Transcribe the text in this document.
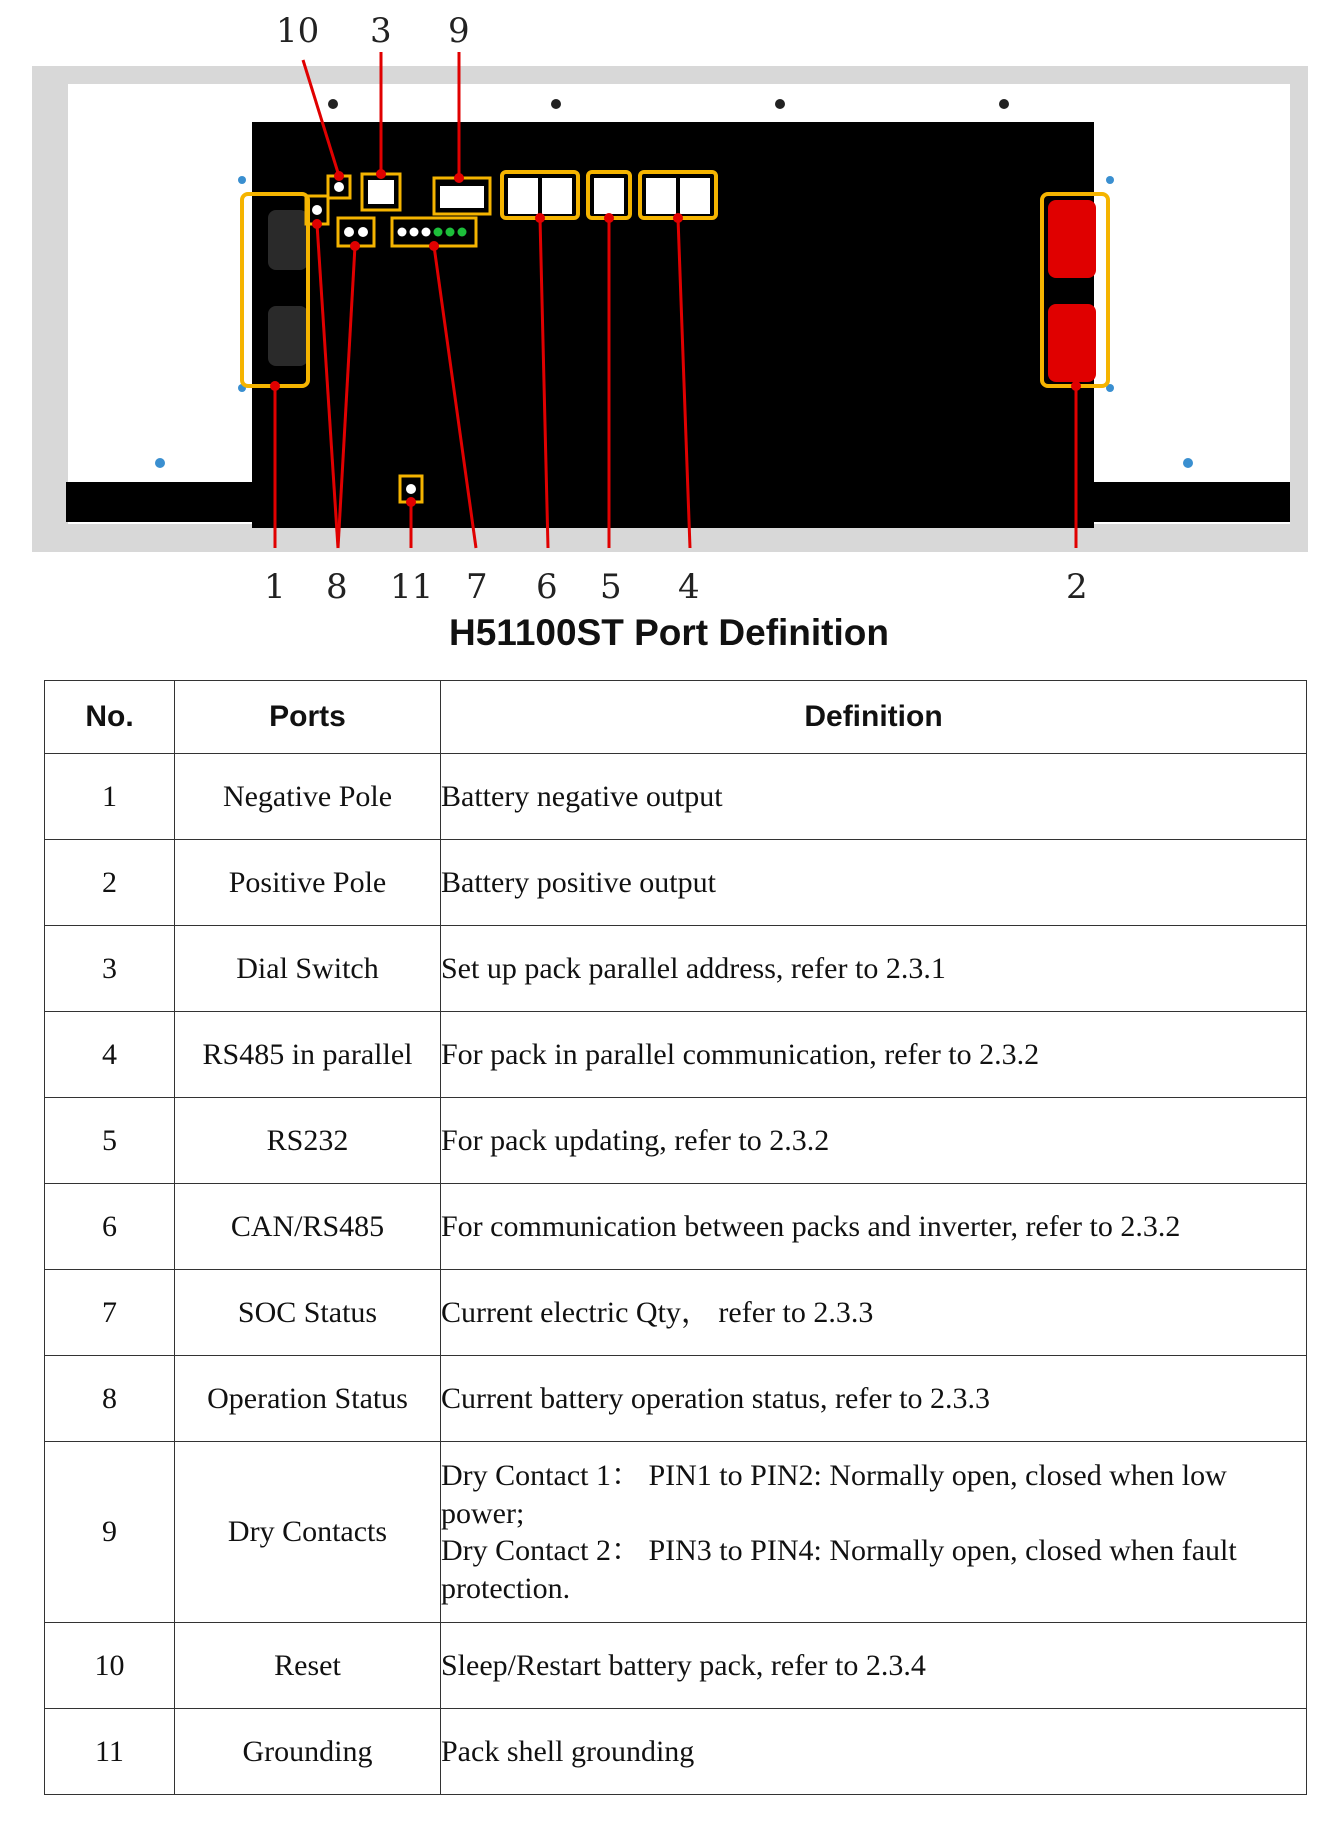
10 3 9
1 8 11 7 6 5 4	2
H51100ST Port Definition
No.	Ports	Definition
1	Negative Pole	Battery negative output
2	Positive Pole	Battery positive output
3	Dial Switch	Set up pack parallel address, refer to 2.3.1
4	RS485 in parallel	For pack in parallel communication, refer to 2.3.2
5	RS232	For pack updating, refer to 2.3.2
6	CAN/RS485	For communication between packs and inverter, refer to 2.3.2
7	SOC Status	Current electric Qty， refer to 2.3.3
8	Operation Status	Current battery operation status, refer to 2.3.3
9	Dry Contacts	Dry Contact 1： PIN1 to PIN2: Normally open, closed when low power;
Dry Contact 2： PIN3 to PIN4: Normally open, closed when fault protection.

10	Reset	Sleep/Restart battery pack, refer to 2.3.4
11	Grounding	Pack shell grounding
